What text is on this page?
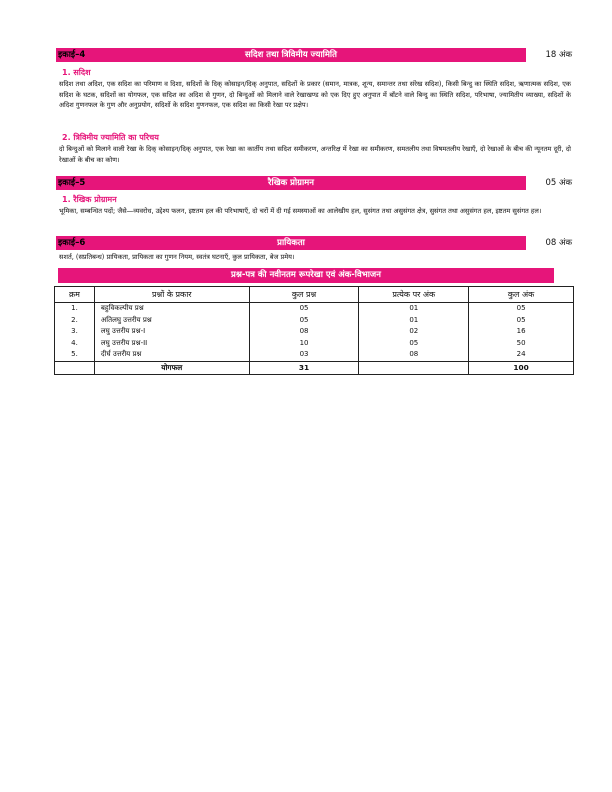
इकाई–4	सदिश तथा त्रिविमीय ज्यामिति	18 अंक
1. सदिश
सदिश तथा अदिश, एक सदिश का परिमाण व दिशा, सदिशों के दिक् कोसाइन/दिक् अनुपात, सदिशों के प्रकार (समान, मात्रक, शून्य, समान्तर तथा संरेख सदिश), किसी बिन्दु का स्थिति सदिश, ऋणात्मक सदिश, एक सदिश के घटक, सदिशों का योगफल, एक सदिश का अदिश से गुणन, दो बिन्दुओं को मिलाने वाले रेखाखण्ड को एक दिए हुए अनुपात में बाँटने वाले बिन्दु का स्थिति सदिश, परिभाषा, ज्यामितीय व्याख्या, सदिशों के अदिश गुणनफल के गुण और अनुप्रयोग, सदिशों के सदिश गुणनफल, एक सदिश का किसी रेखा पर प्रक्षेप।
2. त्रिविमीय ज्यामिति का परिचय
दो बिन्दुओं को मिलाने वाली रेखा के दिक् कोसाइन/दिक् अनुपात, एक रेखा का कार्तीय तथा सदिश समीकरण, अन्तरिक्ष में रेखा का समीकरण, समतलीय तथा विषमतलीय रेखाएँ, दो रेखाओं के बीच की न्यूनतम दूरी, दो रेखाओं के बीच का कोण।
इकाई–5	रैखिक प्रोग्रामन	05 अंक
1. रैखिक प्रोग्रामन
भूमिका, सम्बन्धित पदों; जैसे—व्यवरोध, उद्देश्य फलन, इष्टतम हल की परिभाषाएँ, दो चरों में दी गई समस्याओं का आलेखीय हल, सुसंगत तथा असुसंगत क्षेत्र, सुसंगत तथा असुसंगत हल, इष्टतम सुसंगत हल।
इकाई–6	प्रायिकता	08 अंक
सशर्त, (सप्रतिबन्ध) प्रायिकता, प्रायिकता का गुणन नियम, स्वतंत्र घटनाएँ, कुल प्रायिकता, बेज प्रमेय।
प्रश्न-पत्र की नवीनतम रूपरेखा एवं अंक-विभाजन
क्रम	प्रश्नों के प्रकार	कुल प्रश्न	प्रत्येक पर अंक	कुल अंक
1.	बहुविकल्पीय प्रश्न	05	01	05
2.	अतिलघु उत्तरीय प्रश्न	05	01	05
3.	लघु उत्तरीय प्रश्न-I	08	02	16
4.	लघु उत्तरीय प्रश्न-II	10	05	50
5.	दीर्घ उत्तरीय प्रश्न	03	08	24
	योगफल	31		100
